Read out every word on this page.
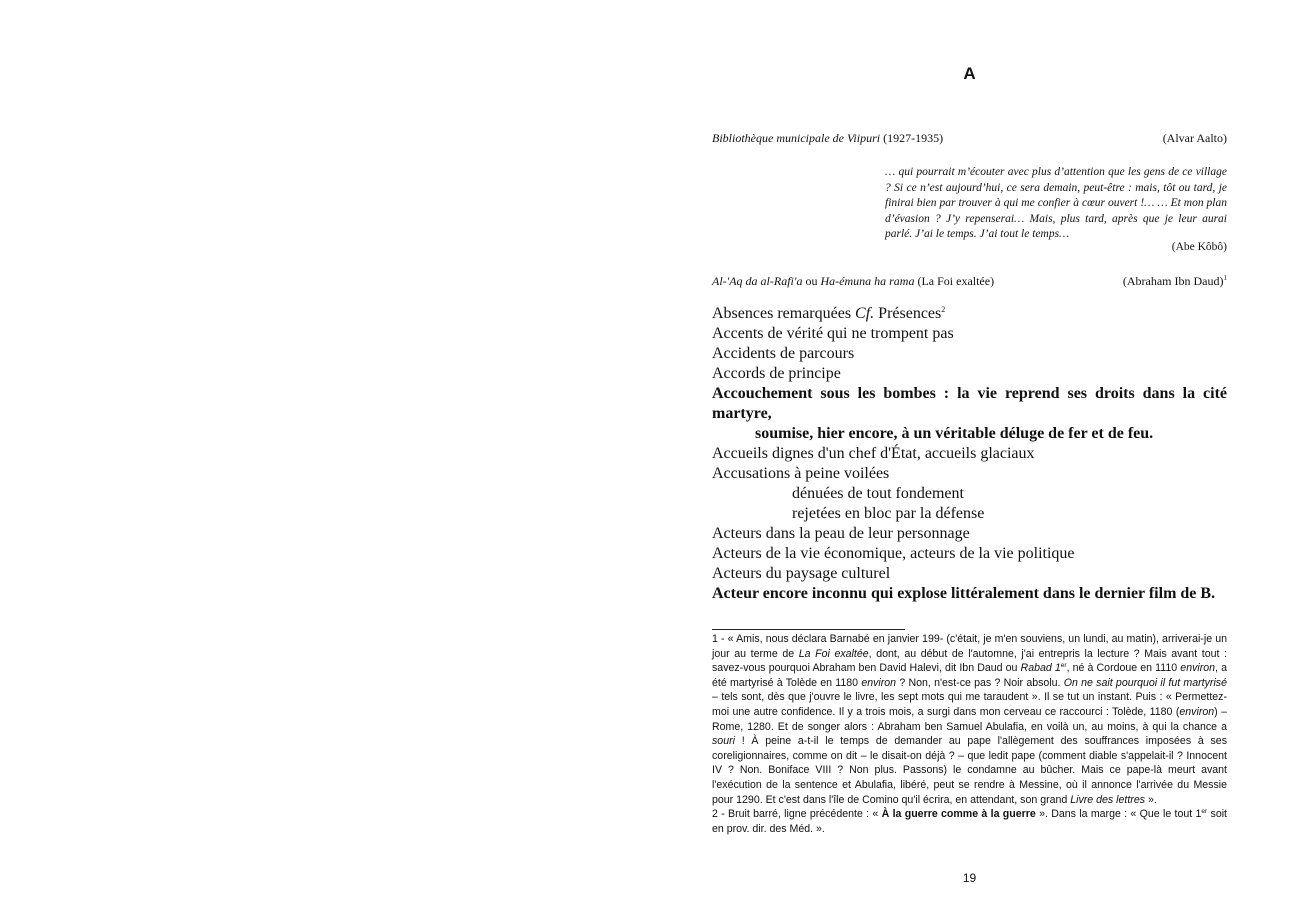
A
Bibliothèque municipale de Viipuri (1927-1935)	(Alvar Aalto)
… qui pourrait m’écouter avec plus d’attention que les gens de ce village ? Si ce n’est aujourd’hui, ce sera demain, peut-être : mais, tôt ou tard, je finirai bien par trouver à qui me confier à cœur ouvert !… … Et mon plan d’évasion ? J’y repenserai… Mais, plus tard, après que je leur aurai parlé. J’ai le temps. J’ai tout le temps…
(Abe Kôbô)
Al-'Aq da al-Rafi'a ou Ha-émuna ha rama (La Foi exaltée)	(Abraham Ibn Daud)$^1$
Absences remarquées Cf. Présences$^2$
Accents de vérité qui ne trompent pas
Accidents de parcours
Accords de principe
Accouchement sous les bombes : la vie reprend ses droits dans la cité martyre,
soumise, hier encore, à un véritable déluge de fer et de feu.
Accueils dignes d'un chef d'État, accueils glaciaux
Accusations à peine voilées
dénuées de tout fondement
rejetées en bloc par la défense
Acteurs dans la peau de leur personnage
Acteurs de la vie économique, acteurs de la vie politique
Acteurs du paysage culturel
Acteur encore inconnu qui explose littéralement dans le dernier film de B.

1 - « Amis, nous déclara Barnabé en janvier 199- (c'était, je m'en souviens, un lundi, au matin), arriverai-je un jour au terme de La Foi exaltée, dont, au début de l'automne, j'ai entrepris la lecture ? Mais avant tout : savez-vous pourquoi Abraham ben David Halevi, dit Ibn Daud ou Rabad 1er, né à Cordoue en 1110 environ, a été martyrisé à Tolède en 1180 environ ? Non, n'est-ce pas ? Noir absolu. On ne sait pourquoi il fut martyrisé – tels sont, dès que j'ouvre le livre, les sept mots qui me taraudent ». Il se tut un instant. Puis : « Permettez-moi une autre confidence. Il y a trois mois, a surgi dans mon cerveau ce raccourci : Tolède, 1180 (environ) – Rome, 1280. Et de songer alors : Abraham ben Samuel Abulafia, en voilà un, au moins, à qui la chance a souri ! À peine a-t-il le temps de demander au pape l'allègement des souffrances imposées à ses coreligionnaires, comme on dit – le disait-on déjà ? – que ledit pape (comment diable s'appelait-il ? Innocent IV ? Non. Boniface VIII ? Non plus. Passons) le condamne au bûcher. Mais ce pape-là meurt avant l'exécution de la sentence et Abulafia, libéré, peut se rendre à Messine, où il annonce l'arrivée du Messie pour 1290. Et c'est dans l'île de Comino qu'il écrira, en attendant, son grand Livre des lettres ».

2 - Bruit barré, ligne précédente : « À la guerre comme à la guerre ». Dans la marge : « Que le tout 1er soit en prov. dir. des Méd. ».

19
